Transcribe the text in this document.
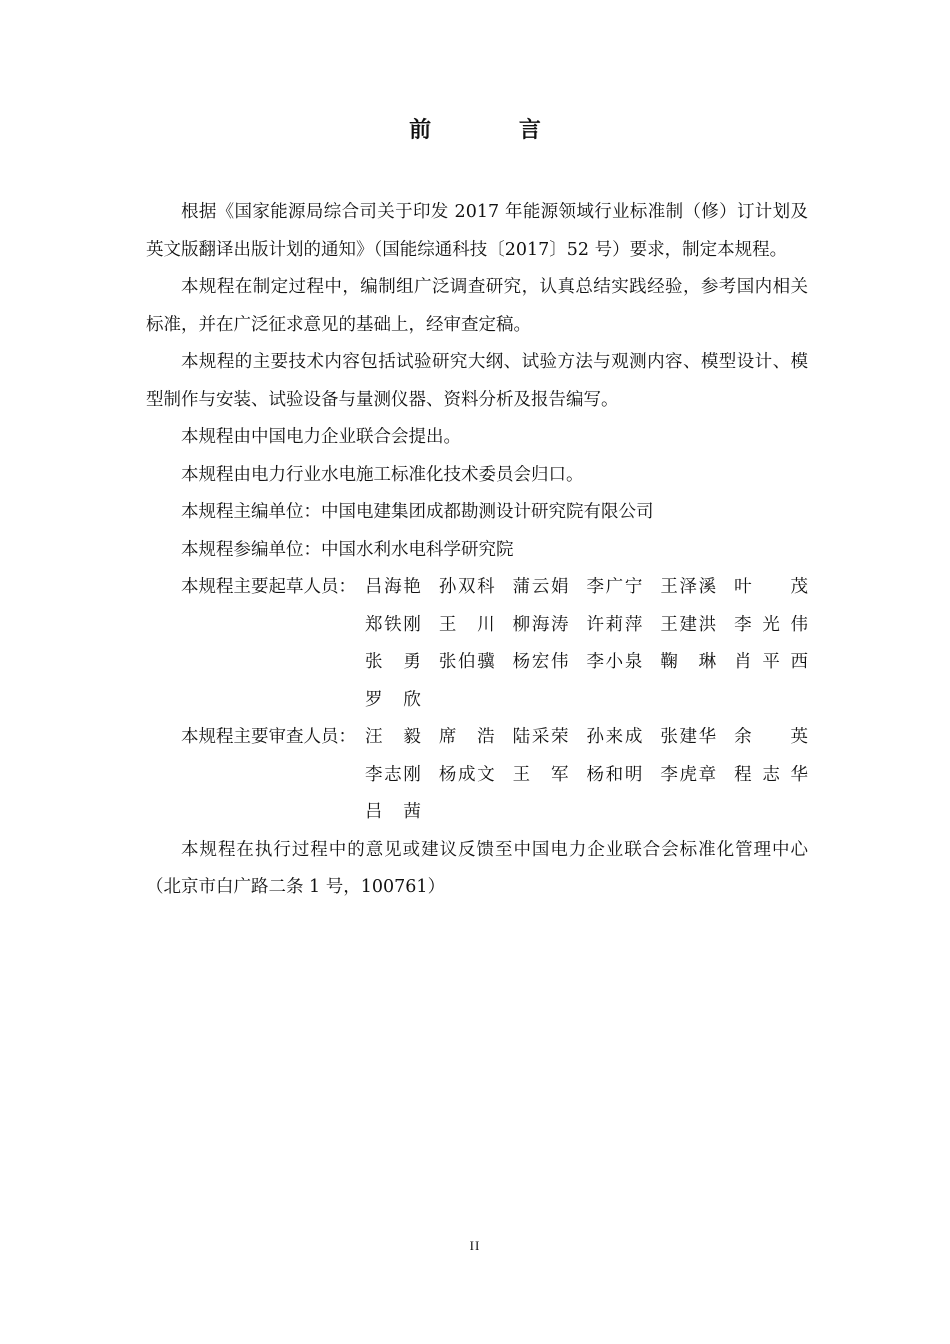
前 言

根据《国家能源局综合司关于印发 2017 年能源领域行业标准制（修）订计划及英文版翻译出版计划的通知》（国能综通科技〔2017〕52 号）要求，制定本规程。

本规程在制定过程中，编制组广泛调查研究，认真总结实践经验，参考国内相关标准，并在广泛征求意见的基础上，经审查定稿。

本规程的主要技术内容包括试验研究大纲、试验方法与观测内容、模型设计、模型制作与安装、试验设备与量测仪器、资料分析及报告编写。

本规程由中国电力企业联合会提出。

本规程由电力行业水电施工标准化技术委员会归口。

本规程主编单位：中国电建集团成都勘测设计研究院有限公司

本规程参编单位：中国水利水电科学研究院

本规程主要起草人员： 吕海艳	孙双科	蒲云娟	李广宁	王泽溪	叶　茂
郑铁刚	王　川	柳海涛	许莉萍	王建洪	李光伟
张　勇	张伯骥	杨宏伟	李小泉	鞠　琳	肖平西
罗　欣
本规程主要审查人员： 汪　毅	席　浩	陆采荣	孙来成	张建华	余　英
李志刚	杨成文	王　军	杨和明	李虎章	程志华
吕　茜

本规程在执行过程中的意见或建议反馈至中国电力企业联合会标准化管理中心（北京市白广路二条 1 号，100761）

II
